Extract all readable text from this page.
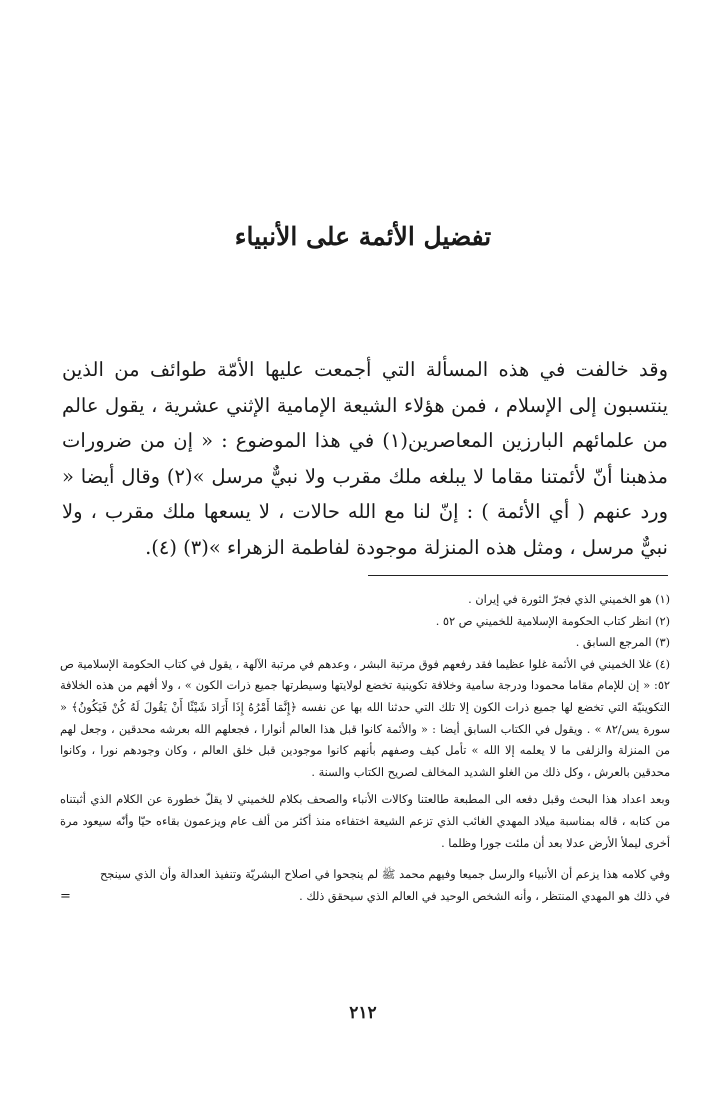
تفضيل الأئمة على الأنبياء

وقد خالفت في هذه المسألة التي أجمعت عليها الأمّة طوائف من الذين ينتسبون إلى الإسلام ، فمن هؤلاء الشيعة الإمامية الإثني عشرية ، يقول عالم من علمائهم البارزين المعاصرين(١) في هذا الموضوع : « إن من ضرورات مذهبنا أنّ لأئمتنا مقاما لا يبلغه ملك مقرب ولا نبيٌّ مرسل »(٢) وقال أيضا « ورد عنهم ( أي الأئمة ) : إنّ لنا مع الله حالات ، لا يسعها ملك مقرب ، ولا نبيٌّ مرسل ، ومثل هذه المنزلة موجودة لفاطمة الزهراء »(٣) (٤).

(١) هو الخميني الذي فجرّ الثورة في إيران .

(٢) انظر كتاب الحكومة الإسلامية للخميني ص ٥٢ .

(٣) المرجع السابق .

(٤) غلا الخميني في الأئمة غلوا عظيما فقد رفعهم فوق مرتبة البشر ، وعدهم في مرتبة الآلهة ، يقول في كتاب الحكومة الإسلامية ص ٥٢: « إن للإمام مقاما محمودا ودرجة سامية وخلافة تكوينية تخضع لولايتها وسيطرتها جميع ذرات الكون » ، ولا أفهم من هذه الخلافة التكوينيّة التي تخضع لها جميع ذرات الكون إلا تلك التي حدثنا الله بها عن نفسه ﴿إِنَّمَا أَمْرُهُ إِذَا أَرَادَ شَيْئًا أَنْ يَقُولَ لَهُ كُنْ فَيَكُونُ﴾ « سورة يس/٨٢ » . ويقول في الكتاب السابق أيضا : « والأئمة كانوا قبل هذا العالم أنوارا ، فجعلهم الله بعرشه محدقين ، وجعل لهم من المنزلة والزلفى ما لا يعلمه إلا الله » تأمل كيف وصفهم بأنهم كانوا موجودين قبل خلق العالم ، وكان وجودهم نورا ، وكانوا محدقين بالعرش ، وكل ذلك من الغلو الشديد المخالف لصريح الكتاب والسنة .

وبعد اعداد هذا البحث وقبل دفعه الى المطبعة طالعتنا وكالات الأنباء والصحف بكلام للخميني لا يقلّ خطورة عن الكلام الذي أثبتناه من كتابه ، قاله بمناسبة ميلاد المهدي الغائب الذي تزعم الشيعة اختفاءه منذ أكثر من ألف عام ويزعمون بقاءه حيّا وأنّه سيعود مرة أخرى ليملأ الأرض عدلا بعد أن ملئت جورا وظلما .

وفي كلامه هذا يزعم أن الأنبياء والرسل جميعا وفيهم محمد ﷺ لم ينجحوا في اصلاح البشريّة وتنفيذ العدالة وأن الذي سينجح في ذلك هو المهدي المنتظر ، وأنه الشخص الوحيد في العالم الذي سيحقق ذلك .
=
٢١٢
